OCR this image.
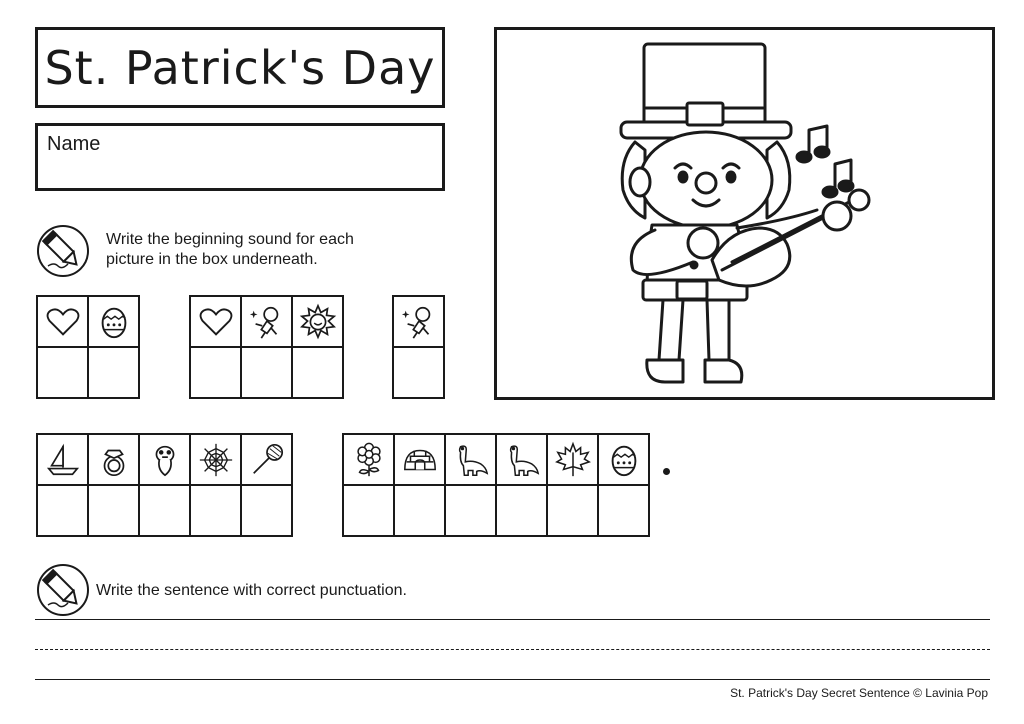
St. Patrick's Day
Name
Write the beginning sound for each
picture in the box underneath.
Write the sentence with correct punctuation.
St. Patrick's Day Secret Sentence © Lavinia Pop
